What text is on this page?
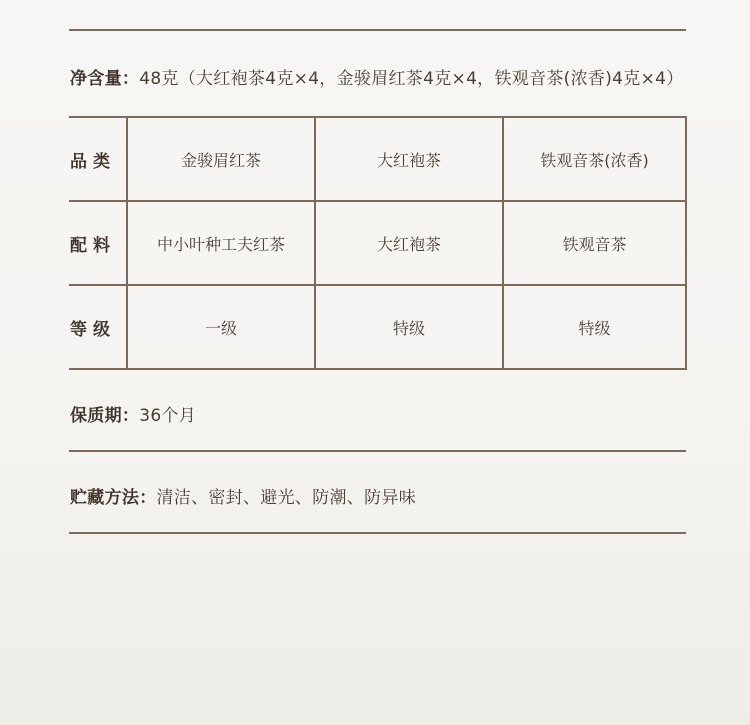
净含量：48克（大红袍茶4克×4，金骏眉红茶4克×4，铁观音茶(浓香)4克×4）
品类	金骏眉红茶	大红袍茶	铁观音茶(浓香)
配料	中小叶种工夫红茶	大红袍茶	铁观音茶
等级	一级	特级	特级
保质期：36个月
贮藏方法：清洁、密封、避光、防潮、防异味
